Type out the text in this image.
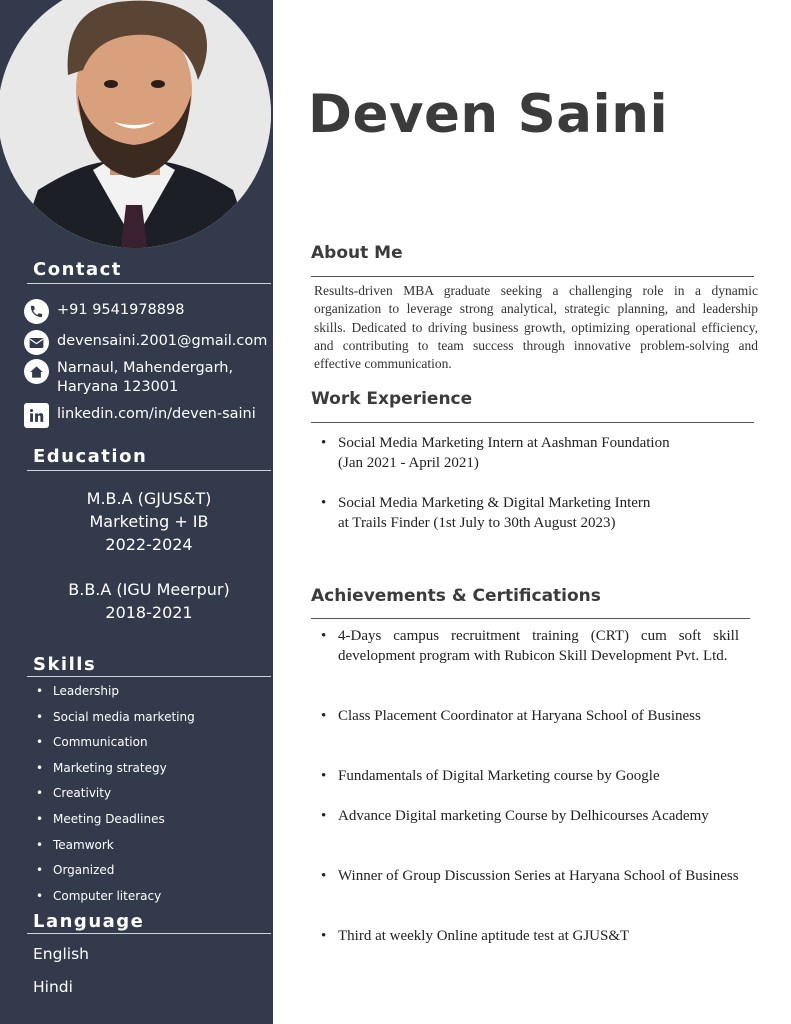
Contact
+91 9541978898
devensaini.2001@gmail.com
Narnaul, Mahendergarh,
Haryana 123001
linkedin.com/in/deven-saini
Education
M.B.A (GJUS&T)
Marketing + IB
2022-2024
B.B.A (IGU Meerpur)
2018-2021
Skills
• Leadership
• Social media marketing
• Communication
• Marketing strategy
• Creativity
• Meeting Deadlines
• Teamwork
• Organized
• Computer literacy
Language
English
Hindi
Deven Saini
About Me

Results-driven MBA graduate seeking a challenging role in a dynamic organization to leverage strong analytical, strategic planning, and leadership skills. Dedicated to driving business growth, optimizing operational efficiency, and contributing to team success through innovative problem-solving and effective communication.

Work Experience
• Social Media Marketing Intern at Aashman Foundation
(Jan 2021 - April 2021)
• Social Media Marketing & Digital Marketing Intern
at Trails Finder (1st July to 30th August 2023)
Achievements & Certifications
• 4-Days campus recruitment training (CRT) cum soft skill development program with Rubicon Skill Development Pvt. Ltd.
• Class Placement Coordinator at Haryana School of Business
• Fundamentals of Digital Marketing course by Google
• Advance Digital marketing Course by Delhicourses Academy
• Winner of Group Discussion Series at Haryana School of Business
• Third at weekly Online aptitude test at GJUS&T
